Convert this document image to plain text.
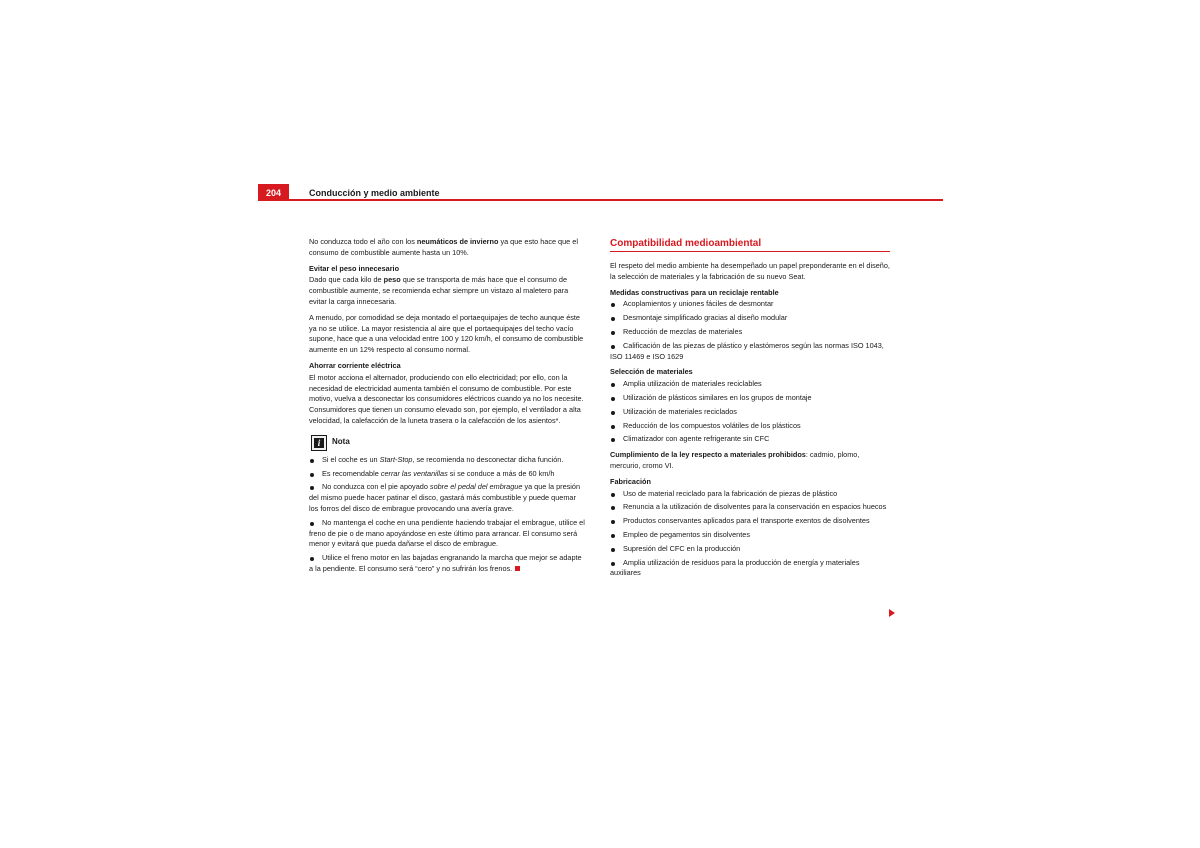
204	Conducción y medio ambiente

No conduzca todo el año con los neumáticos de invierno ya que esto hace que el consumo de combustible aumente hasta un 10%.

Evitar el peso innecesario

Dado que cada kilo de peso que se transporta de más hace que el consumo de combustible aumente, se recomienda echar siempre un vistazo al maletero para evitar la carga innecesaria.

A menudo, por comodidad se deja montado el portaequipajes de techo aunque éste ya no se utilice. La mayor resistencia al aire que el portaequipajes del techo vacío supone, hace que a una velocidad entre 100 y 120 km/h, el consumo de combustible aumente en un 12% respecto al consumo normal.

Ahorrar corriente eléctrica

El motor acciona el alternador, produciendo con ello electricidad; por ello, con la necesidad de electricidad aumenta también el consumo de combustible. Por este motivo, vuelva a desconectar los consumidores eléctricos cuando ya no los necesite. Consumidores que tienen un consumo elevado son, por ejemplo, el ventilador a alta velocidad, la calefacción de la luneta trasera o la calefacción de los asientos*.

i	Nota
Si el coche es un Start-Stop, se recomienda no desconectar dicha función.
Es recomendable cerrar las ventanillas si se conduce a más de 60 km/h
No conduzca con el pie apoyado sobre el pedal del embrague ya que la presión del mismo puede hacer patinar el disco, gastará más combustible y puede quemar los forros del disco de embrague provocando una avería grave.
No mantenga el coche en una pendiente haciendo trabajar el embrague, utilice el freno de pie o de mano apoyándose en este último para arrancar. El consumo será menor y evitará que pueda dañarse el disco de embrague.
Utilice el freno motor en las bajadas engranando la marcha que mejor se adapte a la pendiente. El consumo será “cero” y no sufrirán los frenos.
Compatibilidad medioambiental

El respeto del medio ambiente ha desempeñado un papel preponderante en el diseño, la selección de materiales y la fabricación de su nuevo Seat.

Medidas constructivas para un reciclaje rentable

Acoplamientos y uniones fáciles de desmontar
Desmontaje simplificado gracias al diseño modular
Reducción de mezclas de materiales
Calificación de las piezas de plástico y elastómeros según las normas ISO 1043, ISO 11469 e ISO 1629

Selección de materiales

Amplia utilización de materiales reciclables
Utilización de plásticos similares en los grupos de montaje
Utilización de materiales reciclados
Reducción de los compuestos volátiles de los plásticos
Climatizador con agente refrigerante sin CFC

Cumplimiento de la ley respecto a materiales prohibidos: cadmio, plomo, mercurio, cromo VI.

Fabricación

Uso de material reciclado para la fabricación de piezas de plástico
Renuncia a la utilización de disolventes para la conservación en espacios huecos
Productos conservantes aplicados para el transporte exentos de disolventes
Empleo de pegamentos sin disolventes
Supresión del CFC en la producción
Amplia utilización de residuos para la producción de energía y materiales auxiliares
